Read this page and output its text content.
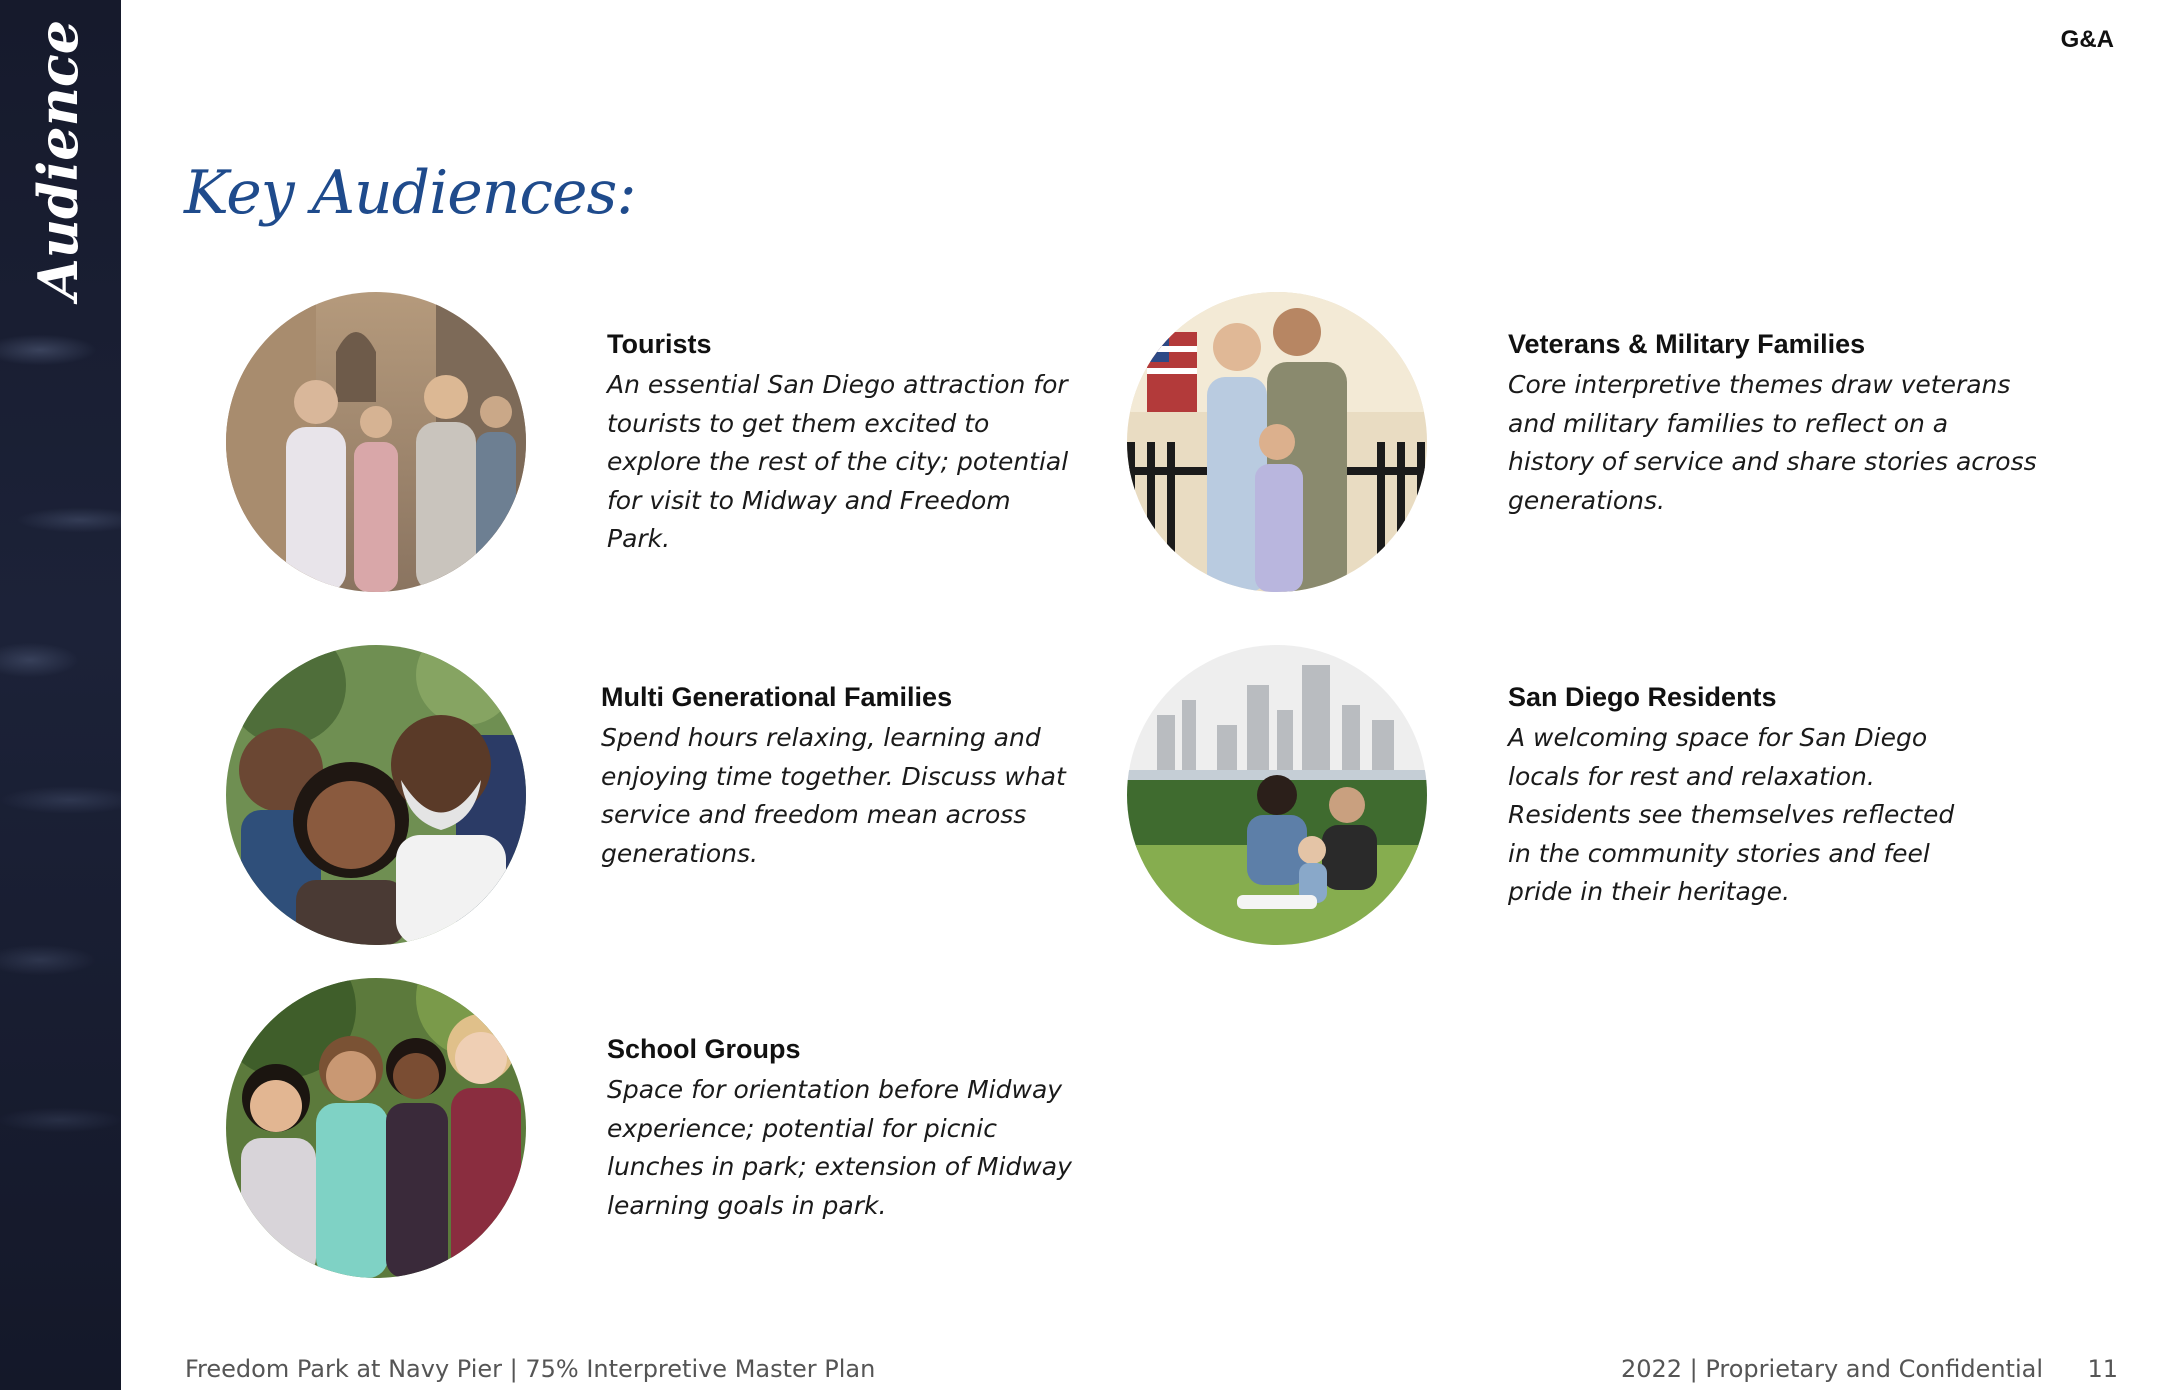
Audience	G&A
Key Audiences:
Tourists

An essential San Diego attraction for tourists to get them excited to explore the rest of the city; potential for visit to Midway and Freedom Park.

Veterans & Military Families

Core interpretive themes draw veterans and military families to reflect on a history of service and share stories across generations.

Multi Generational Families

Spend hours relaxing, learning and enjoying time together. Discuss what service and freedom mean across generations.

San Diego Residents

A welcoming space for San Diego locals for rest and relaxation. Residents see themselves reflected in the community stories and feel pride in their heritage.

School Groups

Space for orientation before Midway experience; potential for picnic lunches in park; extension of Midway learning goals in park.

Freedom Park at Navy Pier | 75% Interpretive Master Plan	2022 | Proprietary and Confidential 11
